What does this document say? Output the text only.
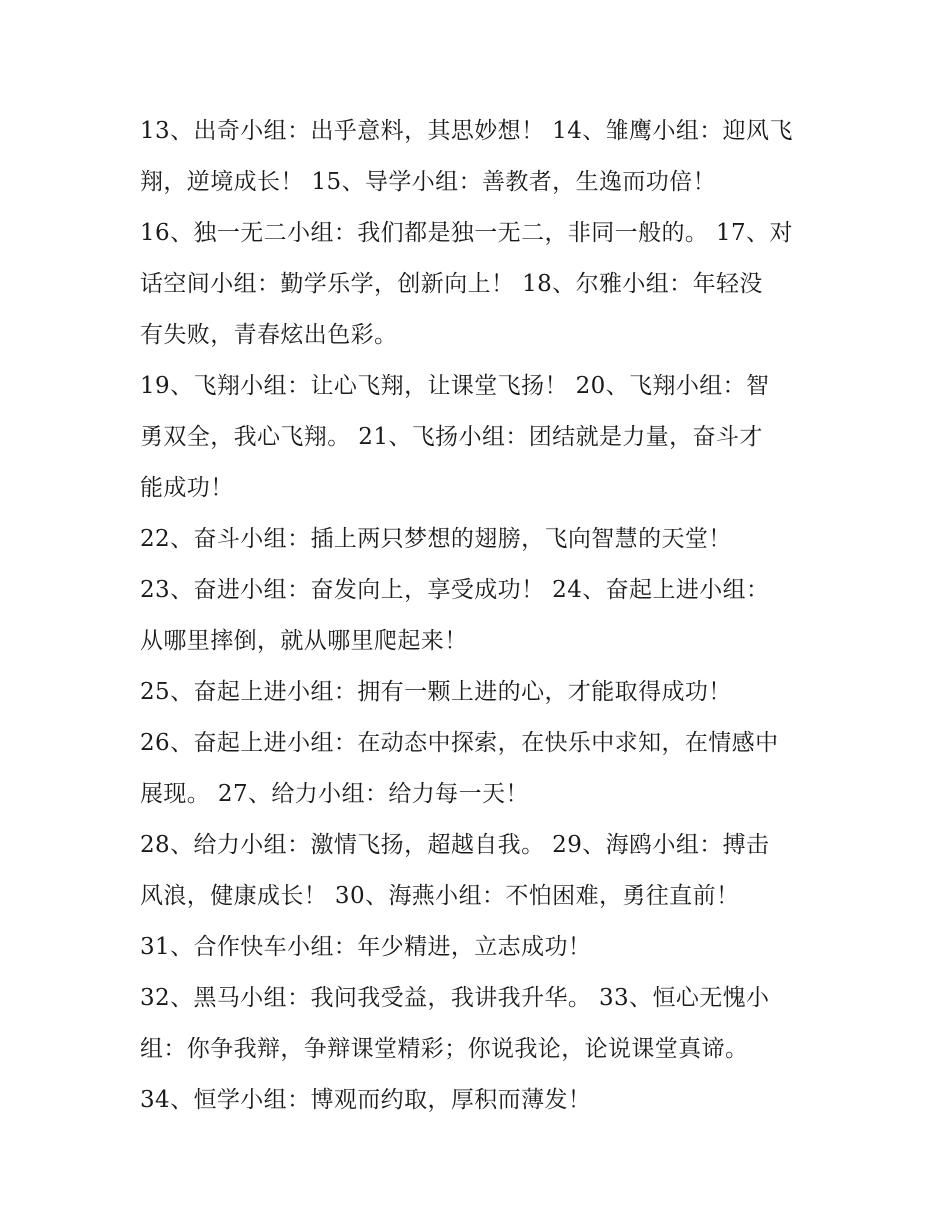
13、出奇小组：出乎意料，其思妙想！ 14、雏鹰小组：迎风飞
翔，逆境成长！ 15、导学小组：善教者，生逸而功倍！
16、独一无二小组：我们都是独一无二，非同一般的。 17、对
话空间小组：勤学乐学，创新向上！ 18、尔雅小组：年轻没
有失败，青春炫出色彩。
19、飞翔小组：让心飞翔，让课堂飞扬！ 20、飞翔小组：智
勇双全，我心飞翔。 21、飞扬小组：团结就是力量，奋斗才
能成功！
22、奋斗小组：插上两只梦想的翅膀，飞向智慧的天堂！
23、奋进小组：奋发向上，享受成功！ 24、奋起上进小组：
从哪里摔倒，就从哪里爬起来！
25、奋起上进小组：拥有一颗上进的心，才能取得成功！
26、奋起上进小组：在动态中探索，在快乐中求知，在情感中
展现。 27、给力小组：给力每一天！
28、给力小组：激情飞扬，超越自我。 29、海鸥小组：搏击
风浪，健康成长！ 30、海燕小组：不怕困难，勇往直前！
31、合作快车小组：年少精进，立志成功！
32、黑马小组：我问我受益，我讲我升华。 33、恒心无愧小
组：你争我辩，争辩课堂精彩；你说我论，论说课堂真谛。
34、恒学小组：博观而约取，厚积而薄发！
